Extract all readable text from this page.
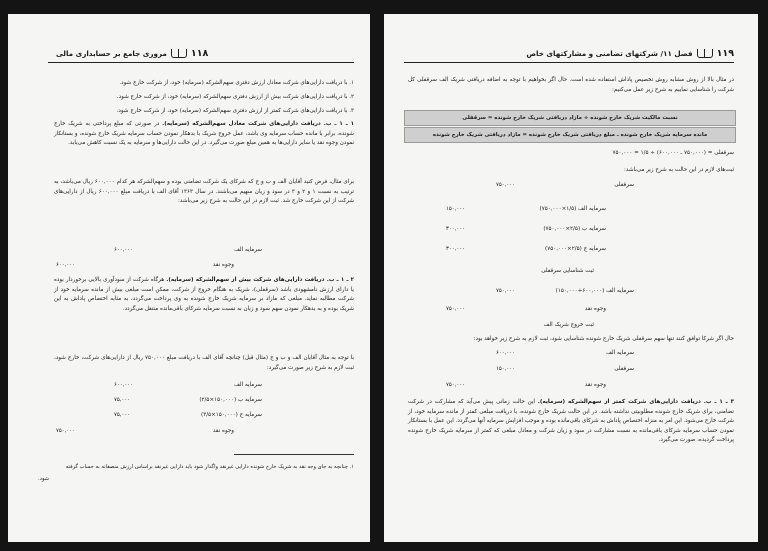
۱۱۸
مروری جامع بر حسابداری مالی
۱. با دریافت دارایی‌های شرکت معادل ارزش دفتری سهم‌الشرکه (سرمایه) خود، از شرکت خارج شود.
۲. با دریافت دارایی‌های شرکت بیش از ارزش دفتری سهم‌الشرکه (سرمایه) خود، از شرکت خارج شود.
۳. با دریافت دارایی‌های شرکت کمتر از ارزش دفتری سهم‌الشرکه (سرمایه) خود، از شرکت خارج شود.
۱ ـ ۱ ـ ب. دریافت دارایی‌های شرکت معادل سهم‌الشرکه (سرمایه). در صورتی که مبلغ پرداختی به شریک خارج شونده، برابر با مانده حساب سرمایه وی باشد، عمل خروج شریک با بدهکار نمودن حساب سرمایه شریک خارج شونده، و بستانکار نمودن وجوه نقد یا سایر دارایی‌ها به همین مبلغ صورت می‌گیرد. در این حالت دارایی‌ها و سرمایه به یک نسبت کاهش می‌یابد.
برای مثال، فرض کنید آقایان الف و ب و ج که شرکای یک شرکت تضامنی بوده و سهم‌الشرکه هر کدام ۶۰۰,۰۰۰ ریال می‌باشد، به ترتیب به نسبت ۱ و ۲ و ۳ در سود و زیان سهیم می‌باشند. در سال ۱۳۶۳ آقای الف با دریافت مبلغ ۶۰۰,۰۰۰ ریال از دارایی‌های شرکت از این شرکت خارج شد. ثبت لازم در این حالت به شرح زیر می‌باشد:
سرمایه الف
۶۰۰,۰۰۰
وجوه نقد
۶۰۰,۰۰۰
۲ ـ ۱ ـ ب. دریافت دارایی‌های شرکت بیش از سهم‌الشرکه (سرمایه). هرگاه شرکت از سودآوری بالایی برخوردار بوده یا دارای ارزش نامشهودی باشد (سرقفلی)، شریک به هنگام خروج از شرکت، ممکن است مبلغی بیش از مانده سرمایه خود از شرکت مطالبه نماید. مبلغی که مازاد بر سرمایه شریک خارج شونده به وی پرداخت می‌گردد، به مثابه اختصاص پاداش به این شریک بوده و به بدهکار نمودن سهم سود و زیان به نسبت سرمایه شرکای باقی‌مانده منتقل می‌گردد.
با توجه به مثال آقایان الف و ب و ج (مثال قبل) چنانچه آقای الف با دریافت مبلغ ۷۵۰,۰۰۰ ریال از دارایی‌های شرکت، خارج شود، ثبت لازم به شرح زیر صورت می‌گیرد:
سرمایه الف
۶۰۰,۰۰۰
سرمایه ب (۱۵۰,۰۰۰×۲/۵)
۷۵,۰۰۰
سرمایه ج (۱۵۰,۰۰۰×۳/۵)
۷۵,۰۰۰
وجوه نقد
۷۵۰,۰۰۰
۱. چنانچه به جای وجه نقد به شریک خارج شونده دارایی غیرنقد واگذار شود باید دارایی غیرنقد براساس ارزش منصفانه به حساب گرفته
شود.
۱۱۹
فصل ۱۱/ شرکتهای تضامنی و مشارکتهای خاص
در مثال بالا از روش مشابه روش تخصیص پاداش استفاده شده است. حال اگر بخواهیم با توجه به اضافه دریافتی شریک الف سرقفلی کل شرکت را شناسایی نماییم به شرح زیر عمل می‌کنیم:
نسبت مالکیت شریک خارج شونده ÷ مازاد دریافتی شریک خارج شونده = سرقفلی
مانده سرمایه شریک خارج شونده ـ مبلغ دریافتی شریک خارج شونده = مازاد دریافتی شریک خارج شونده
سرقفلی = (۷۵۰,۰۰۰ ـ ۶۰۰,۰۰۰) ÷ ۱/۵ = ۷۵۰,۰۰۰
ثبت‌های لازم در این حالت به شرح زیر می‌باشد:
سرقفلی
۷۵۰,۰۰۰
سرمایه الف (۱/۵×۷۵۰,۰۰۰)
۱۵۰,۰۰۰
سرمایه ب (۲/۵×۷۵۰,۰۰۰)
۳۰۰,۰۰۰
سرمایه ج (۲/۵×۷۵۰,۰۰۰)
۳۰۰,۰۰۰
ثبت شناسایی سرقفلی
سرمایه الف (۶۰۰,۰۰۰+۱۵۰,۰۰۰)
۷۵۰,۰۰۰
وجوه نقد
۷۵۰,۰۰۰
ثبت خروج شریک الف
حال اگر شرکا توافق کنند تنها سهم سرقفلی شریک خارج شونده شناسایی شود، ثبت لازم به شرح زیر خواهد بود:
سرمایه الف
۶۰۰,۰۰۰
سرقفلی
۱۵۰,۰۰۰
وجوه نقد
۷۵۰,۰۰۰
۳ ـ ۱ ـ ب. دریافت دارایی‌های شرکت کمتر از سهم‌الشرکه (سرمایه). این حالت زمانی پیش می‌آید که مشارکت در شرکت تضامنی، برای شریک خارج شونده مطلوبیتی نداشته باشد. در این حالت شریک خارج شونده، با دریافت مبلغی کمتر از مانده سرمایه خود، از شرکت خارج می‌شود. این امر به منزله اختصاص پاداش به شرکای باقی‌مانده بوده و موجب افزایش سرمایه آنها می‌گردد. این عمل با بستانکار نمودن حساب سرمایه شرکای باقی‌مانده به نسبت مشارکت در سود و زیان شرکت و معادل مبلغی که کمتر از سرمایه شریک خارج شونده پرداخت گردیده، صورت می‌گیرد.
